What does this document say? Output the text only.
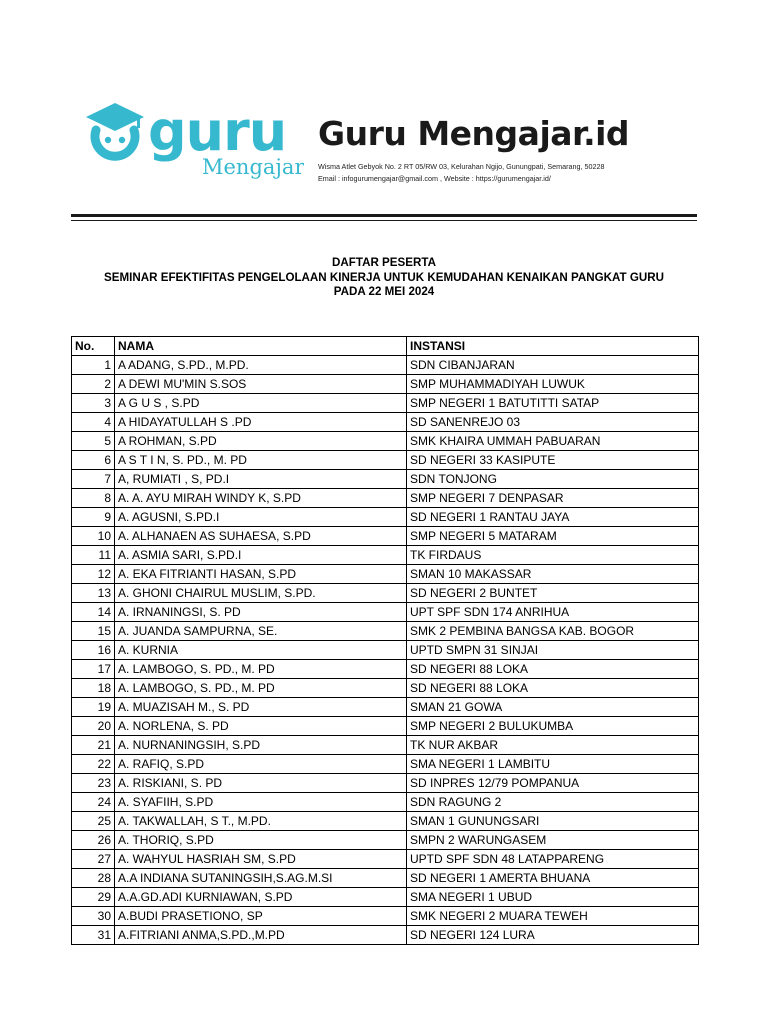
guru
Mengajar
Guru Mengajar.id
Wisma Atlet Gebyok No. 2 RT 05/RW 03, Kelurahan Ngijo, Gunungpati, Semarang, 50228
Email : infogurumengajar@gmail.com , Website : https://gurumengajar.id/
DAFTAR PESERTA
SEMINAR EFEKTIFITAS PENGELOLAAN KINERJA UNTUK KEMUDAHAN KENAIKAN PANGKAT GURU
PADA 22 MEI 2024
No.	NAMA	INSTANSI
1	A ADANG, S.PD., M.PD.	SDN CIBANJARAN
2	A DEWI MU'MIN S.SOS	SMP MUHAMMADIYAH LUWUK
3	A G U S , S.PD	SMP NEGERI 1 BATUTITTI SATAP
4	A HIDAYATULLAH S .PD	SD SANENREJO 03
5	A ROHMAN, S.PD	SMK KHAIRA UMMAH PABUARAN
6	A S T I N, S. PD., M. PD	SD NEGERI 33 KASIPUTE
7	A, RUMIATI , S, PD.I	SDN TONJONG
8	A. A. AYU MIRAH WINDY K, S.PD	SMP NEGERI 7 DENPASAR
9	A. AGUSNI, S.PD.I	SD NEGERI 1 RANTAU JAYA
10	A. ALHANAEN AS SUHAESA, S.PD	SMP NEGERI 5 MATARAM
11	A. ASMIA SARI, S.PD.I	TK FIRDAUS
12	A. EKA FITRIANTI HASAN, S.PD	SMAN 10 MAKASSAR
13	A. GHONI CHAIRUL MUSLIM, S.PD.	SD NEGERI 2 BUNTET
14	A. IRNANINGSI, S. PD	UPT SPF SDN 174 ANRIHUA
15	A. JUANDA SAMPURNA, SE.	SMK 2 PEMBINA BANGSA KAB. BOGOR
16	A. KURNIA	UPTD SMPN 31 SINJAI
17	A. LAMBOGO, S. PD., M. PD	SD NEGERI 88 LOKA
18	A. LAMBOGO, S. PD., M. PD	SD NEGERI 88 LOKA
19	A. MUAZISAH M., S. PD	SMAN 21 GOWA
20	A. NORLENA, S. PD	SMP NEGERI 2 BULUKUMBA
21	A. NURNANINGSIH, S.PD	TK NUR AKBAR
22	A. RAFIQ, S.PD	SMA NEGERI 1 LAMBITU
23	A. RISKIANI, S. PD	SD INPRES 12/79 POMPANUA
24	A. SYAFIIH, S.PD	SDN RAGUNG 2
25	A. TAKWALLAH, S T., M.PD.	SMAN 1 GUNUNGSARI
26	A. THORIQ, S.PD	SMPN 2 WARUNGASEM
27	A. WAHYUL HASRIAH SM, S.PD	UPTD SPF SDN 48 LATAPPARENG
28	A.A INDIANA SUTANINGSIH,S.AG.M.SI	SD NEGERI 1 AMERTA BHUANA
29	A.A.GD.ADI KURNIAWAN, S.PD	SMA NEGERI 1 UBUD
30	A.BUDI PRASETIONO, SP	SMK NEGERI 2 MUARA TEWEH
31	A.FITRIANI ANMA,S.PD.,M.PD	SD NEGERI 124 LURA
